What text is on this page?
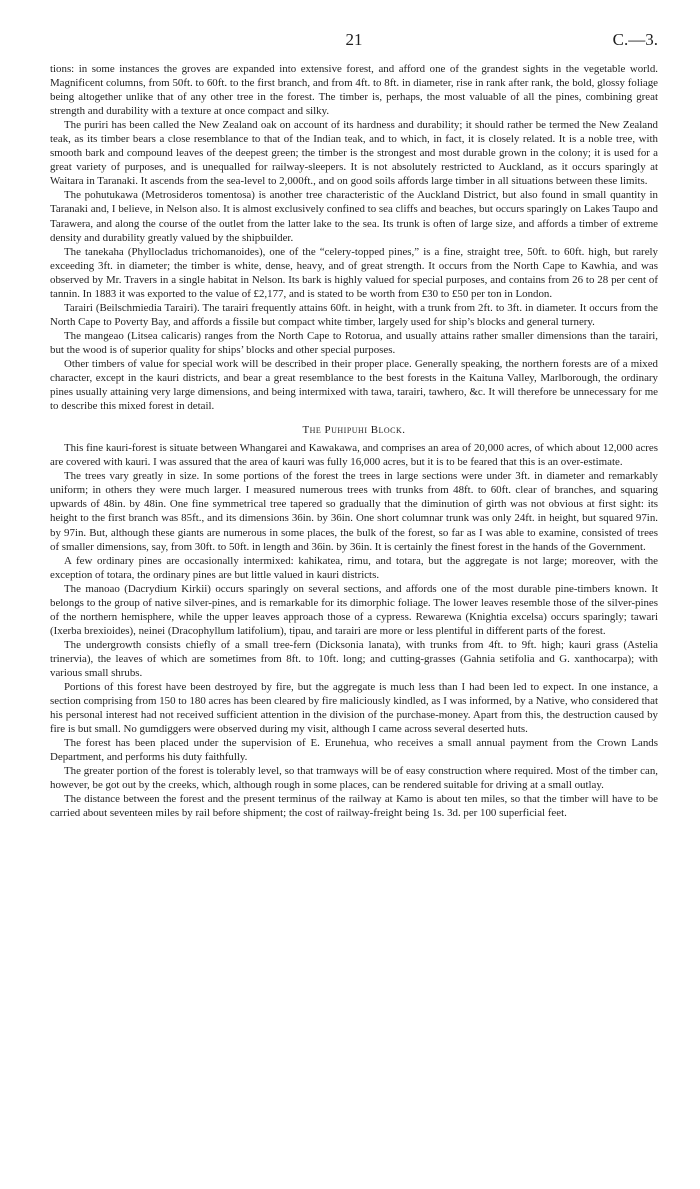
21	C.—3.

tions: in some instances the groves are expanded into extensive forest, and afford one of the grandest sights in the vegetable world. Magnificent columns, from 50ft. to 60ft. to the first branch, and from 4ft. to 8ft. in diameter, rise in rank after rank, the bold, glossy foliage being altogether unlike that of any other tree in the forest. The timber is, perhaps, the most valuable of all the pines, combining great strength and durability with a texture at once compact and silky.

The puriri has been called the New Zealand oak on account of its hardness and durability; it should rather be termed the New Zealand teak, as its timber bears a close resemblance to that of the Indian teak, and to which, in fact, it is closely related. It is a noble tree, with smooth bark and compound leaves of the deepest green; the timber is the strongest and most durable grown in the colony; it is used for a great variety of purposes, and is unequalled for railway-sleepers. It is not absolutely restricted to Auckland, as it occurs sparingly at Waitara in Taranaki. It ascends from the sea-level to 2,000ft., and on good soils affords large timber in all situations between these limits.

The pohutukawa (Metrosideros tomentosa) is another tree characteristic of the Auckland District, but also found in small quantity in Taranaki and, I believe, in Nelson also. It is almost exclusively confined to sea cliffs and beaches, but occurs sparingly on Lakes Taupo and Tarawera, and along the course of the outlet from the latter lake to the sea. Its trunk is often of large size, and affords a timber of extreme density and durability greatly valued by the shipbuilder.

The tanekaha (Phyllocladus trichomanoides), one of the “celery-topped pines,” is a fine, straight tree, 50ft. to 60ft. high, but rarely exceeding 3ft. in diameter; the timber is white, dense, heavy, and of great strength. It occurs from the North Cape to Kawhia, and was observed by Mr. Travers in a single habitat in Nelson. Its bark is highly valued for special purposes, and contains from 26 to 28 per cent of tannin. In 1883 it was exported to the value of £2,177, and is stated to be worth from £30 to £50 per ton in London.

Tarairi (Beilschmiedia Tarairi). The tarairi frequently attains 60ft. in height, with a trunk from 2ft. to 3ft. in diameter. It occurs from the North Cape to Poverty Bay, and affords a fissile but compact white timber, largely used for ship’s blocks and general turnery.

The mangeao (Litsea calicaris) ranges from the North Cape to Rotorua, and usually attains rather smaller dimensions than the tarairi, but the wood is of superior quality for ships’ blocks and other special purposes.

Other timbers of value for special work will be described in their proper place. Generally speaking, the northern forests are of a mixed character, except in the kauri districts, and bear a great resemblance to the best forests in the Kaituna Valley, Marlborough, the ordinary pines usually attaining very large dimensions, and being intermixed with tawa, tarairi, tawhero, &c. It will therefore be unnecessary for me to describe this mixed forest in detail.

The Puhipuhi Block.

This fine kauri-forest is situate between Whangarei and Kawakawa, and comprises an area of 20,000 acres, of which about 12,000 acres are covered with kauri. I was assured that the area of kauri was fully 16,000 acres, but it is to be feared that this is an over-estimate.

The trees vary greatly in size. In some portions of the forest the trees in large sections were under 3ft. in diameter and remarkably uniform; in others they were much larger. I measured numerous trees with trunks from 48ft. to 60ft. clear of branches, and squaring upwards of 48in. by 48in. One fine symmetrical tree tapered so gradually that the diminution of girth was not obvious at first sight: its height to the first branch was 85ft., and its dimensions 36in. by 36in. One short columnar trunk was only 24ft. in height, but squared 97in. by 97in. But, although these giants are numerous in some places, the bulk of the forest, so far as I was able to examine, consisted of trees of smaller dimensions, say, from 30ft. to 50ft. in length and 36in. by 36in. It is certainly the finest forest in the hands of the Government.

A few ordinary pines are occasionally intermixed: kahikatea, rimu, and totara, but the aggregate is not large; moreover, with the exception of totara, the ordinary pines are but little valued in kauri districts.

The manoao (Dacrydium Kirkii) occurs sparingly on several sections, and affords one of the most durable pine-timbers known. It belongs to the group of native silver-pines, and is remarkable for its dimorphic foliage. The lower leaves resemble those of the silver-pines of the northern hemisphere, while the upper leaves approach those of a cypress. Rewarewa (Knightia excelsa) occurs sparingly; tawari (Ixerba brexioides), neinei (Dracophyllum latifolium), tipau, and tarairi are more or less plentiful in different parts of the forest.

The undergrowth consists chiefly of a small tree-fern (Dicksonia lanata), with trunks from 4ft. to 9ft. high; kauri grass (Astelia trinervia), the leaves of which are sometimes from 8ft. to 10ft. long; and cutting-grasses (Gahnia setifolia and G. xanthocarpa); with various small shrubs.

Portions of this forest have been destroyed by fire, but the aggregate is much less than I had been led to expect. In one instance, a section comprising from 150 to 180 acres has been cleared by fire maliciously kindled, as I was informed, by a Native, who considered that his personal interest had not received sufficient attention in the division of the purchase-money. Apart from this, the destruction caused by fire is but small. No gumdiggers were observed during my visit, although I came across several deserted huts.

The forest has been placed under the supervision of E. Erunehua, who receives a small annual payment from the Crown Lands Department, and performs his duty faithfully.

The greater portion of the forest is tolerably level, so that tramways will be of easy construction where required. Most of the timber can, however, be got out by the creeks, which, although rough in some places, can be rendered suitable for driving at a small outlay.

The distance between the forest and the present terminus of the railway at Kamo is about ten miles, so that the timber will have to be carried about seventeen miles by rail before shipment; the cost of railway-freight being 1s. 3d. per 100 superficial feet.
